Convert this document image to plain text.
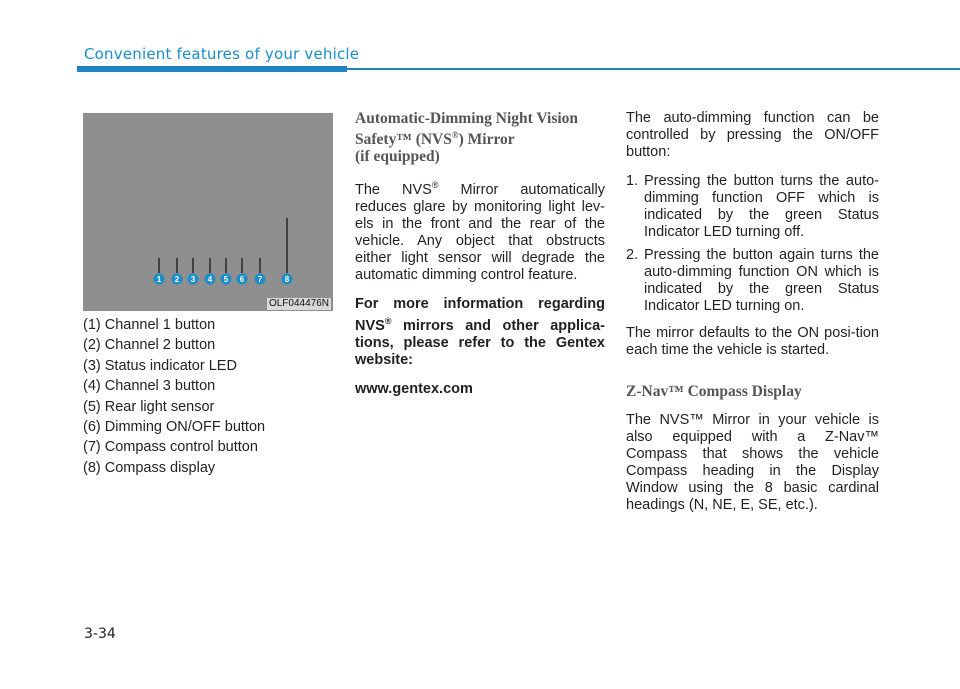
Convenient features of your vehicle
1 2 3 4 5 6 7	8
OLF044476N
(1) Channel 1 button
(2) Channel 2 button
(3) Status indicator LED
(4) Channel 3 button
(5) Rear light sensor
(6) Dimming ON/OFF button
(7) Compass control button
(8) Compass display
Automatic-Dimming Night Vision
Safety™ (NVS®) Mirror
(if equipped)

The NVS® Mirror automatically reduces glare by monitoring light lev-els in the front and the rear of the vehicle. Any object that obstructs either light sensor will degrade the automatic dimming control feature.

For more information regarding NVS® mirrors and other applica-tions, please refer to the Gentex website:

www.gentex.com

The auto-dimming function can be controlled by pressing the ON/OFF button:

1. Pressing the button turns the auto-dimming function OFF which is indicated by the green Status Indicator LED turning off.
2. Pressing the button again turns the auto-dimming function ON which is indicated by the green Status Indicator LED turning on.

The mirror defaults to the ON posi-tion each time the vehicle is started.

Z-Nav™ Compass Display

The NVS™ Mirror in your vehicle is also equipped with a Z-Nav™ Compass that shows the vehicle Compass heading in the Display Window using the 8 basic cardinal headings (N, NE, E, SE, etc.).

3-34
